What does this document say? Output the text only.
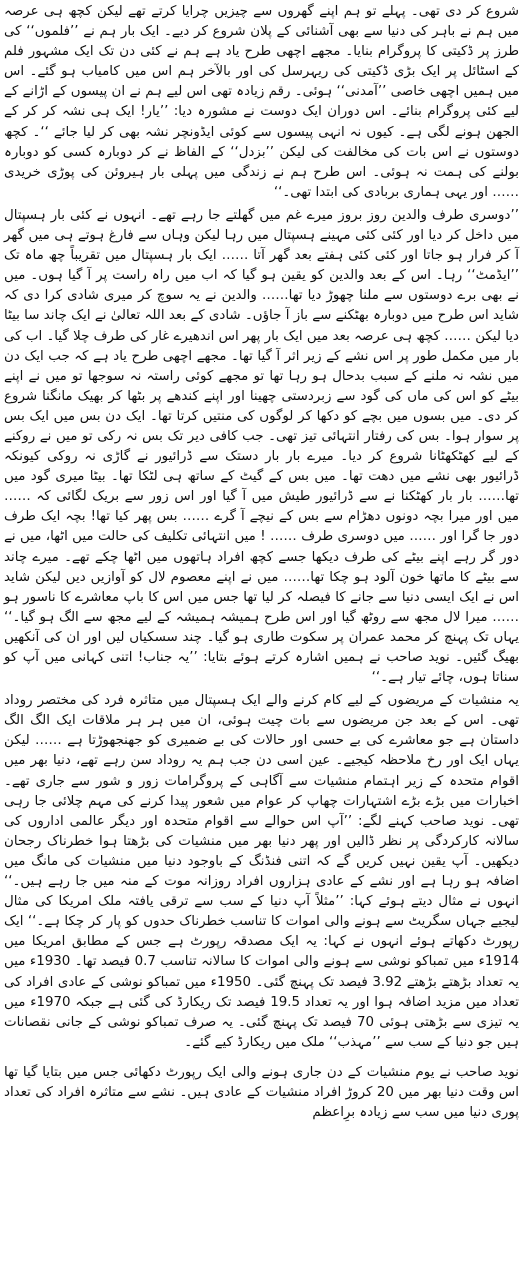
شروع کر دی تھی۔ پہلے تو ہم اپنے گھروں سے چیزیں چرایا کرتے تھے لیکن کچھ ہی عرصہ میں ہم نے باہر کی دنیا سے بھی آشنائی کے پلان شروع کر دیے۔ ایک بار ہم نے ’’فلموں‘‘ کی طرز پر ڈکیتی کا پروگرام بنایا۔ مجھے اچھی طرح یاد ہے ہم نے کئی دن تک ایک مشہور فلم کے اسٹائل پر ایک بڑی ڈکیتی کی ریہرسل کی اور بالآخر ہم اس میں کامیاب ہو گئے۔ اس میں ہمیں اچھی خاصی ’’آمدنی‘‘ ہوئی۔ رقم زیادہ تھی اس لیے ہم نے ان پیسوں کے اڑانے کے لیے کئی پروگرام بنائے۔ اس دوران ایک دوست نے مشورہ دیا: ’’یار! ایک ہی نشہ کر کر کے الجھن ہونے لگی ہے۔ کیوں نہ انہی پیسوں سے کوئی ایڈونچر نشہ بھی کر لیا جائے ‘‘۔ کچھ دوستوں نے اس بات کی مخالفت کی لیکن ’’بزدل‘‘ کے الفاظ نے کر دوبارہ کسی کو دوبارہ بولنے کی ہمت نہ ہوئی۔ اس طرح ہم نے زندگی میں پہلی بار ہیروئن کی پوڑی خریدی …… اور یہی ہماری بربادی کی ابتدا تھی۔‘‘

’’دوسری طرف والدین روز بروز میرے غم میں گھلتے جا رہے تھے۔ انہوں نے کئی بار ہسپتال میں داخل کر دیا اور کئی کئی مہینے ہسپتال میں رہا لیکن وہاں سے فارغ ہوتے ہی میں گھر آ کر فرار ہو جاتا اور کئی کئی ہفتے بعد گھر آتا …… ایک بار ہسپتال میں تقریباً چھ ماہ تک ’’ایڈمٹ‘‘ رہا۔ اس کے بعد والدین کو یقین ہو گیا کہ اب میں راہ راست پر آ گیا ہوں۔ میں نے بھی برے دوستوں سے ملنا چھوڑ دیا تھا…… والدین نے یہ سوچ کر میری شادی کرا دی کہ شاید اس طرح میں دوبارہ بھٹکنے سے باز آ جاؤں۔ شادی کے بعد اللہ تعالیٰ نے ایک چاند سا بیٹا دیا لیکن …… کچھ ہی عرصہ بعد میں ایک بار پھر اس اندھیرے غار کی طرف چلا گیا۔ اب کی بار میں مکمل طور پر اس نشے کے زیر اثر آ گیا تھا۔ مجھے اچھی طرح یاد ہے کہ جب ایک دن میں نشہ نہ ملنے کے سبب بدحال ہو رہا تھا تو مجھے کوئی راستہ نہ سوجھا تو میں نے اپنے بیٹے کو اس کی ماں کی گود سے زبردستی چھینا اور اپنے کندھے پر بٹھا کر بھیک مانگنا شروع کر دی۔ میں بسوں میں بچے کو دکھا کر لوگوں کی منتیں کرتا تھا۔ ایک دن بس میں ایک بس پر سوار ہوا۔ بس کی رفتار انتہائی تیز تھی۔ جب کافی دیر تک بس نہ رکی تو میں نے روکنے کے لیے کھٹکھٹانا شروع کر دیا۔ میرے بار بار دستک سے ڈرائیور نے گاڑی نہ روکی کیونکہ ڈرائیور بھی نشے میں دھت تھا۔ میں بس کے گیٹ کے ساتھ ہی لٹکا تھا۔ بیٹا میری گود میں تھا…… بار بار کھٹکنا نے سے ڈرائیور طیش میں آ گیا اور اس زور سے بریک لگائی کہ …… میں اور میرا بچہ دونوں دھڑام سے بس کے نیچے آ گرے …… بس پھر کیا تھا! بچہ ایک طرف دور جا گرا اور …… میں دوسری طرف …… ! میں انتہائی تکلیف کی حالت میں اٹھا، میں نے دور گر رہے اپنے بیٹے کی طرف دیکھا جسے کچھ افراد ہاتھوں میں اٹھا چکے تھے۔ میرے چاند سے بیٹے کا ماتھا خون آلود ہو چکا تھا…… میں نے اپنے معصوم لال کو آوازیں دیں لیکن شاید اس نے ایک ایسی دنیا سے جانے کا فیصلہ کر لیا تھا جس میں اس کا باپ معاشرے کا ناسور ہو …… میرا لال مجھ سے روٹھ گیا اور اس طرح ہمیشہ ہمیشہ کے لیے مجھ سے الگ ہو گیا۔‘‘ یہاں تک پہنچ کر محمد عمران پر سکوت طاری ہو گیا۔ چند سسکیاں لیں اور ان کی آنکھیں بھیگ گئیں۔ نوید صاحب نے ہمیں اشارہ کرتے ہوئے بتایا: ’’یہ جناب! اتنی کہانی میں آپ کو سناتا ہوں، چائے تیار ہے۔‘‘

یہ منشیات کے مریضوں کے لیے کام کرنے والے ایک ہسپتال میں متاثرہ فرد کی مختصر روداد تھی۔ اس کے بعد جن مریضوں سے بات چیت ہوئی، ان میں ہر ہر ملاقات ایک الگ الگ داستان ہے جو معاشرے کی بے حسی اور حالات کی بے ضمیری کو جھنجھوڑتا ہے …… لیکن یہاں ایک اور رخ ملاحظہ کیجیے۔ عین اسی دن جب ہم یہ روداد سن رہے تھے، دنیا بھر میں اقوام متحدہ کے زیر اہتمام منشیات سے آگاہی کے پروگرامات زور و شور سے جاری تھے۔ اخبارات میں بڑے بڑے اشتہارات چھاپ کر عوام میں شعور پیدا کرنے کی مہم چلائی جا رہی تھی۔ نوید صاحب کہنے لگے: ’’آپ اس حوالے سے اقوام متحدہ اور دیگر عالمی اداروں کی سالانہ کارکردگی پر نظر ڈالیں اور پھر دنیا بھر میں منشیات کی بڑھتا ہوا خطرناک رجحان دیکھیں۔ آپ یقین نہیں کریں گے کہ اتنی فنڈنگ کے باوجود دنیا میں منشیات کی مانگ میں اضافہ ہو رہا ہے اور نشے کے عادی ہزاروں افراد روزانہ موت کے منہ میں جا رہے ہیں۔‘‘ انہوں نے مثال دیتے ہوئے کہا: ’’مثلاً آپ دنیا کے سب سے ترقی یافتہ ملک امریکا کی مثال لیجیے جہاں سگریٹ سے ہونے والی اموات کا تناسب خطرناک حدوں کو پار کر چکا ہے۔‘‘ ایک رپورٹ دکھاتے ہوئے انہوں نے کہا: یہ ایک مصدقہ رپورٹ ہے جس کے مطابق امریکا میں 1914ء میں تمباکو نوشی سے ہونے والی اموات کا سالانہ تناسب 0.7 فیصد تھا۔ 1930ء میں یہ تعداد بڑھتے بڑھتے 3.92 فیصد تک پہنچ گئی۔ 1950ء میں تمباکو نوشی کے عادی افراد کی تعداد میں مزید اضافہ ہوا اور یہ تعداد 19.5 فیصد تک ریکارڈ کی گئی ہے جبکہ 1970ء میں یہ تیزی سے بڑھتی ہوئی 70 فیصد تک پہنچ گئی۔ یہ صرف تمباکو نوشی کے جانی نقصانات ہیں جو دنیا کے سب سے ’’مہذب‘‘ ملک میں ریکارڈ کیے گئے۔

نوید صاحب نے یوم منشیات کے دن جاری ہونے والی ایک رپورٹ دکھائی جس میں بتایا گیا تھا اس وقت دنیا بھر میں 20 کروڑ افراد منشیات کے عادی ہیں۔ نشے سے متاثرہ افراد کی تعداد پوری دنیا میں سب سے زیادہ برِاعظم
